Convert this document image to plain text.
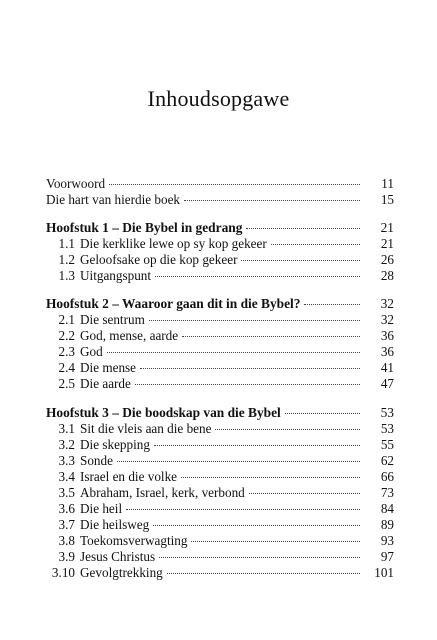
Inhoudsopgawe
Voorwoord	11
Die hart van hierdie boek	15
Hoofstuk 1 – Die Bybel in gedrang	21
1.1 Die kerklike lewe op sy kop gekeer	21
1.2 Geloofsake op die kop gekeer	26
1.3 Uitgangspunt	28
Hoofstuk 2 – Waaroor gaan dit in die Bybel?	32
2.1 Die sentrum	32
2.2 God, mense, aarde	36
2.3 God	36
2.4 Die mense	41
2.5 Die aarde	47
Hoofstuk 3 – Die boodskap van die Bybel	53
3.1 Sit die vleis aan die bene	53
3.2 Die skepping	55
3.3 Sonde	62
3.4 Israel en die volke	66
3.5 Abraham, Israel, kerk, verbond	73
3.6 Die heil	84
3.7 Die heilsweg	89
3.8 Toekomsverwagting	93
3.9 Jesus Christus	97
3.10 Gevolgtrekking	101
